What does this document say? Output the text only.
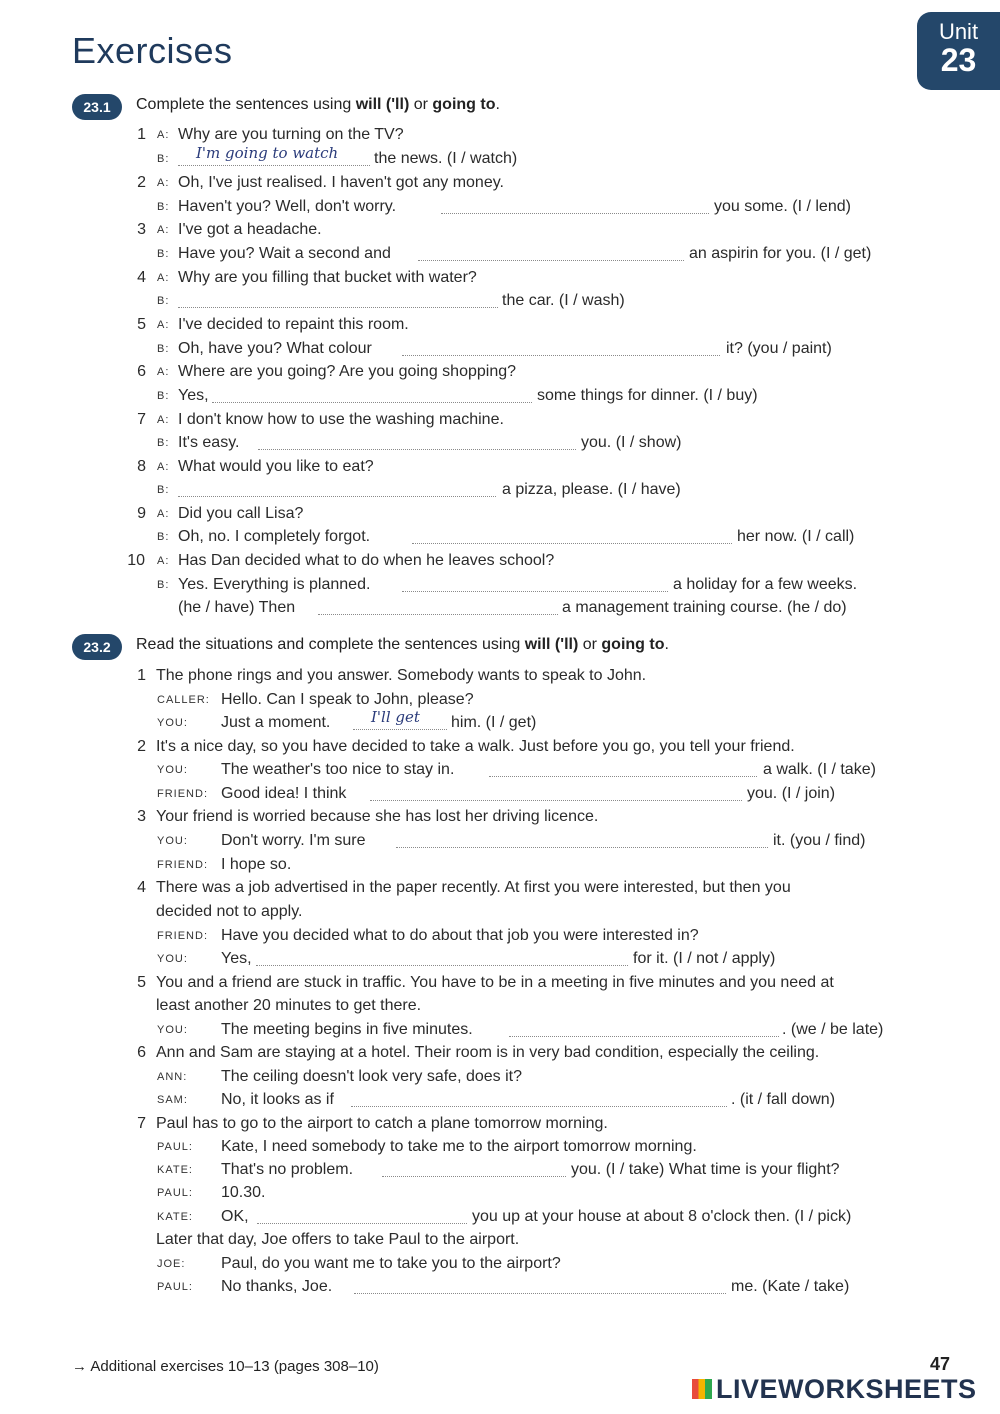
Exercises	Unit
23
23.1	Complete the sentences using will ('ll) or going to.
1 A: Why are you turning on the TV?
B: I'm going to watch the news. (I / watch)
2 A: Oh, I've just realised. I haven't got any money.
B: Haven't you? Well, don't worry.	you some. (I / lend)
3 A: I've got a headache.
B: Have you? Wait a second and	an aspirin for you. (I / get)
4 A: Why are you filling that bucket with water?
B:	the car. (I / wash)
5 A: I've decided to repaint this room.
B: Oh, have you? What colour	it? (you / paint)
6 A: Where are you going? Are you going shopping?
B: Yes,	some things for dinner. (I / buy)
7 A: I don't know how to use the washing machine.
B: It's easy.	you. (I / show)
8 A: What would you like to eat?
B:	a pizza, please. (I / have)
9 A: Did you call Lisa?
B: Oh, no. I completely forgot.	her now. (I / call)
10 A: Has Dan decided what to do when he leaves school?
B: Yes. Everything is planned.	a holiday for a few weeks.
(he / have) Then	a management training course. (he / do)
23.2	Read the situations and complete the sentences using will ('ll) or going to.
1 The phone rings and you answer. Somebody wants to speak to John.
CALLER: Hello. Can I speak to John, please?
YOU: Just a moment.	I'll get him. (I / get)
2 It's a nice day, so you have decided to take a walk. Just before you go, you tell your friend.
YOU: The weather's too nice to stay in.	a walk. (I / take)
FRIEND: Good idea! I think	you. (I / join)
3 Your friend is worried because she has lost her driving licence.
YOU: Don't worry. I'm sure	it. (you / find)
FRIEND: I hope so.
4 There was a job advertised in the paper recently. At first you were interested, but then you
decided not to apply.
FRIEND: Have you decided what to do about that job you were interested in?
YOU: Yes,	for it. (I / not / apply)
5 You and a friend are stuck in traffic. You have to be in a meeting in five minutes and you need at
least another 20 minutes to get there.
YOU: The meeting begins in five minutes.	. (we / be late)
6 Ann and Sam are staying at a hotel. Their room is in very bad condition, especially the ceiling.
ANN: The ceiling doesn't look very safe, does it?
SAM: No, it looks as if	. (it / fall down)
7 Paul has to go to the airport to catch a plane tomorrow morning.
PAUL: Kate, I need somebody to take me to the airport tomorrow morning.
KATE: That's no problem.	you. (I / take) What time is your flight?
PAUL: 10.30.
KATE: OK,	you up at your house at about 8 o'clock then. (I / pick)
Later that day, Joe offers to take Paul to the airport.
JOE: Paul, do you want me to take you to the airport?
PAUL: No thanks, Joe.	me. (Kate / take)
→ Additional exercises 10–13 (pages 308–10)	47
LIVEWORKSHEETS
